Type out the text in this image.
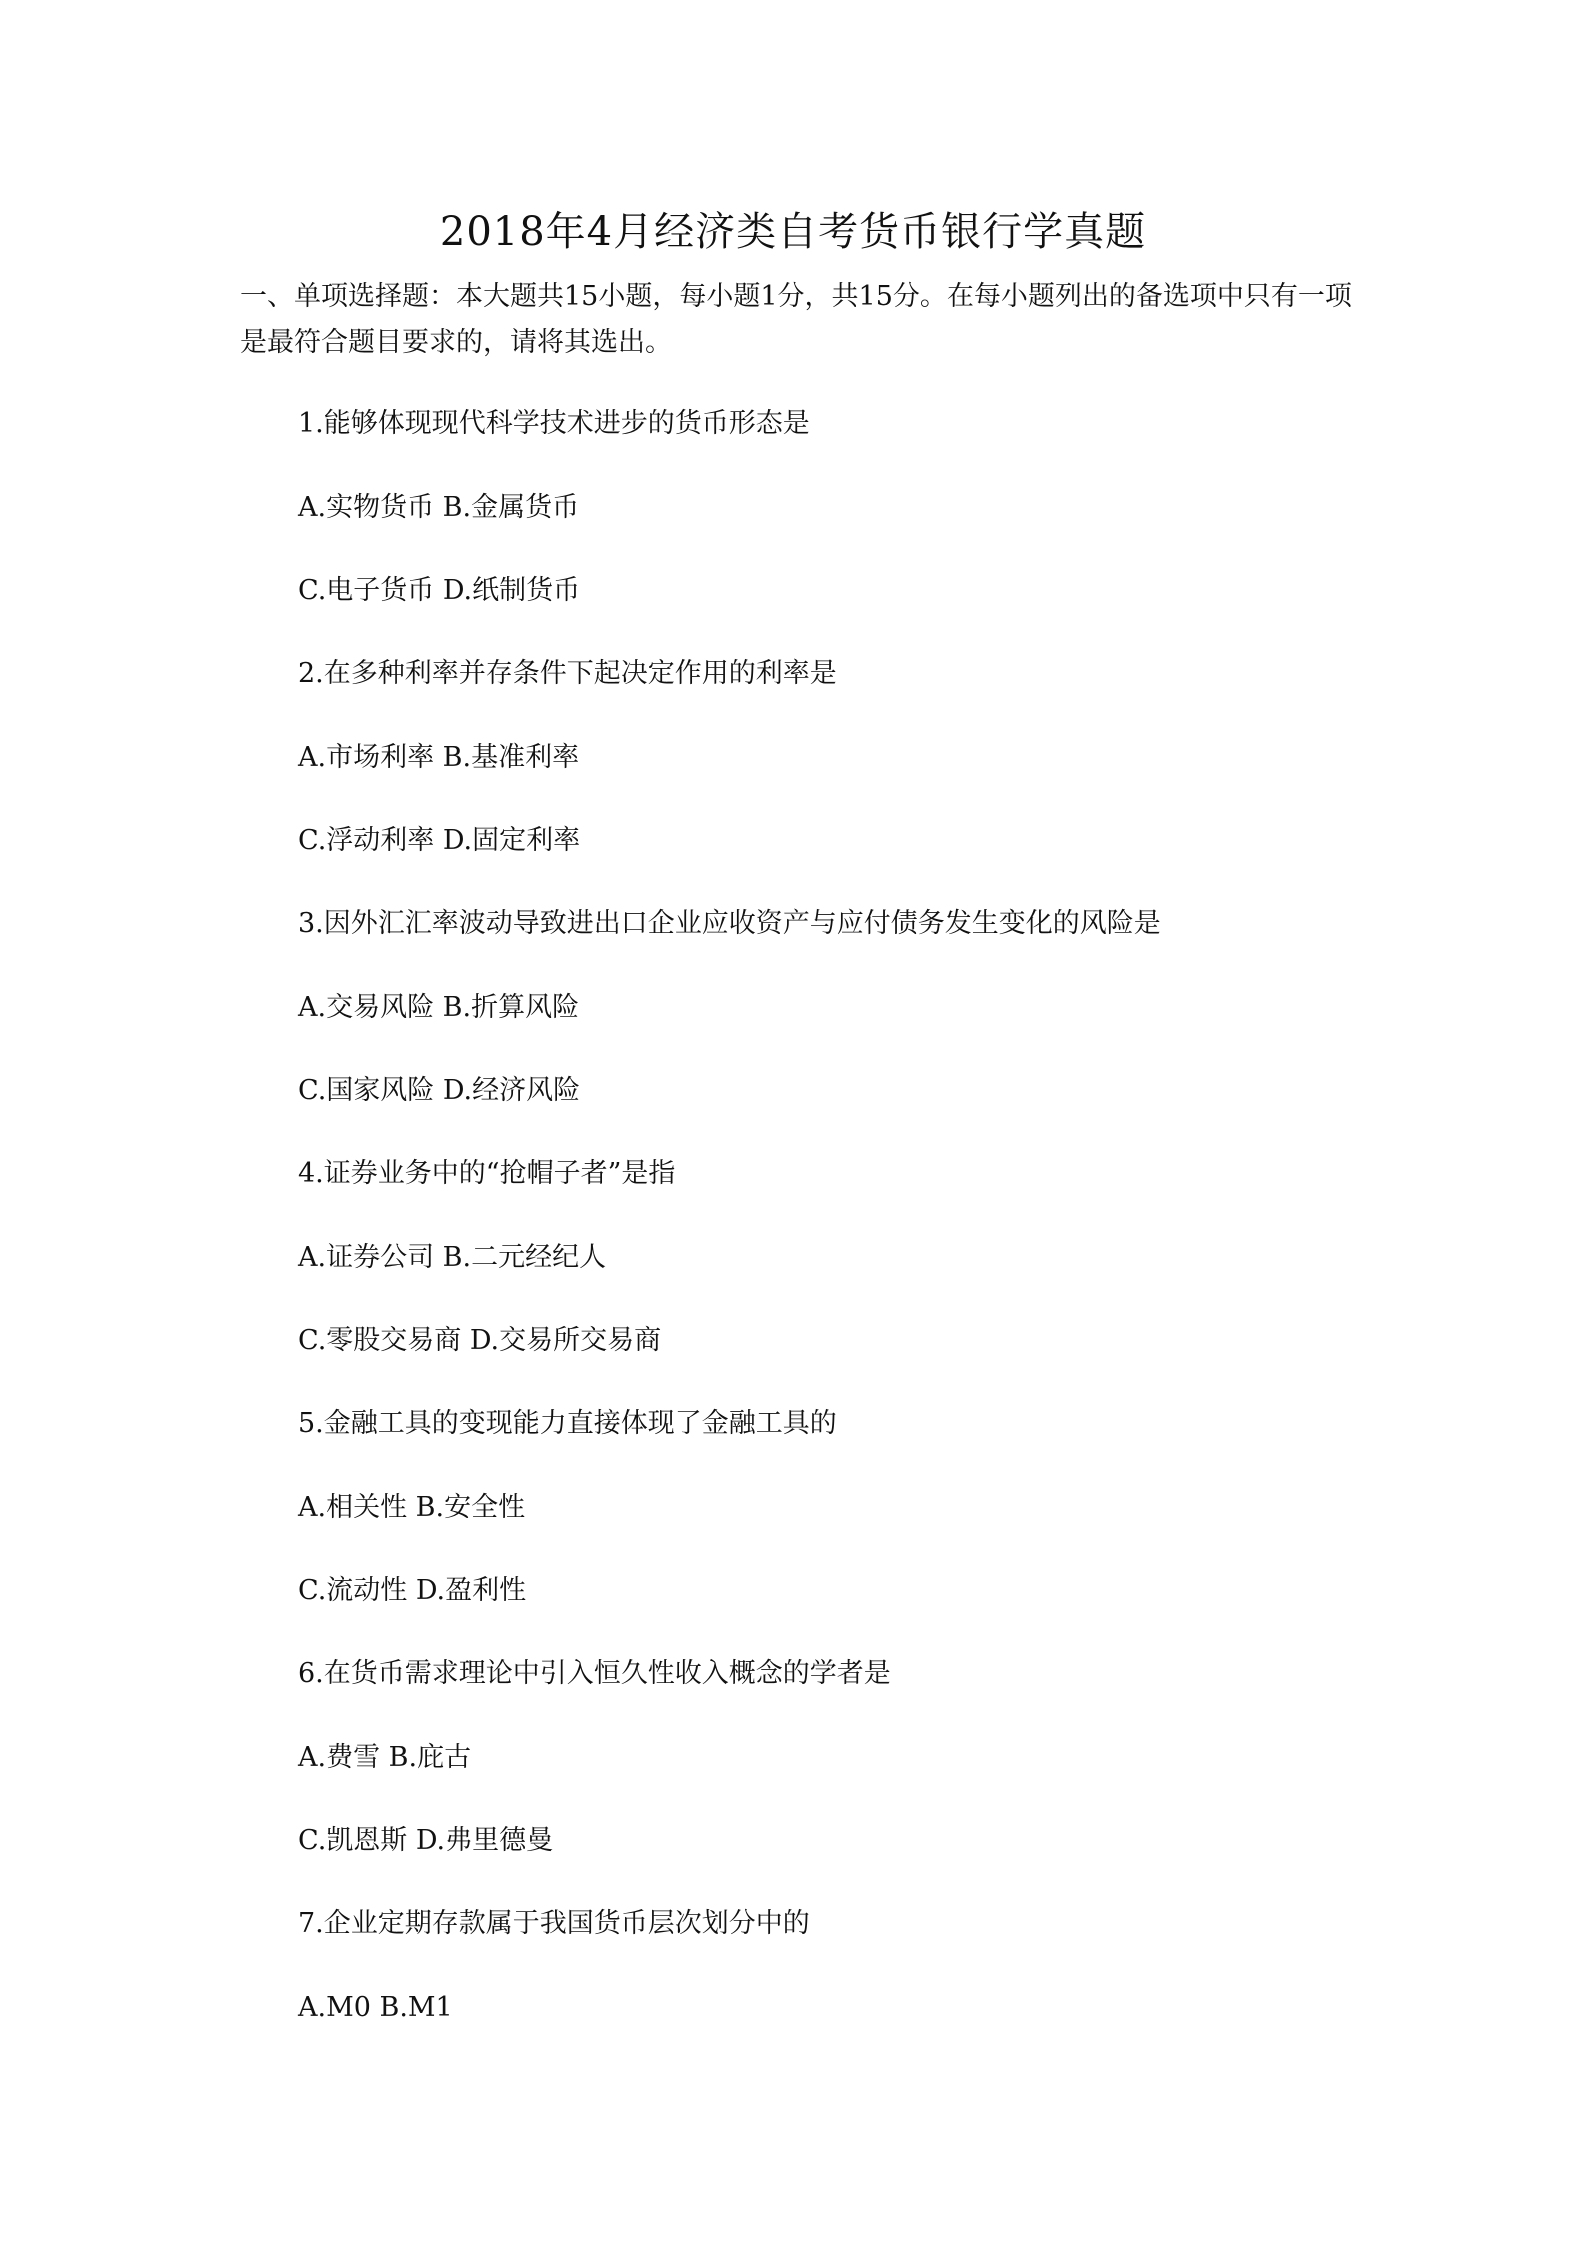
2018年4月经济类自考货币银行学真题
一、单项选择题：本大题共15小题，每小题1分，共15分。在每小题列出的备选项中只有一项是最符合题目要求的，请将其选出。
1.能够体现现代科学技术进步的货币形态是
A.实物货币 B.金属货币
C.电子货币 D.纸制货币
2.在多种利率并存条件下起决定作用的利率是
A.市场利率 B.基准利率
C.浮动利率 D.固定利率
3.因外汇汇率波动导致进出口企业应收资产与应付债务发生变化的风险是
A.交易风险 B.折算风险
C.国家风险 D.经济风险
4.证券业务中的“抢帽子者”是指
A.证券公司 B.二元经纪人
C.零股交易商 D.交易所交易商
5.金融工具的变现能力直接体现了金融工具的
A.相关性 B.安全性
C.流动性 D.盈利性
6.在货币需求理论中引入恒久性收入概念的学者是
A.费雪 B.庇古
C.凯恩斯 D.弗里德曼
7.企业定期存款属于我国货币层次划分中的
A.M0 B.M1
